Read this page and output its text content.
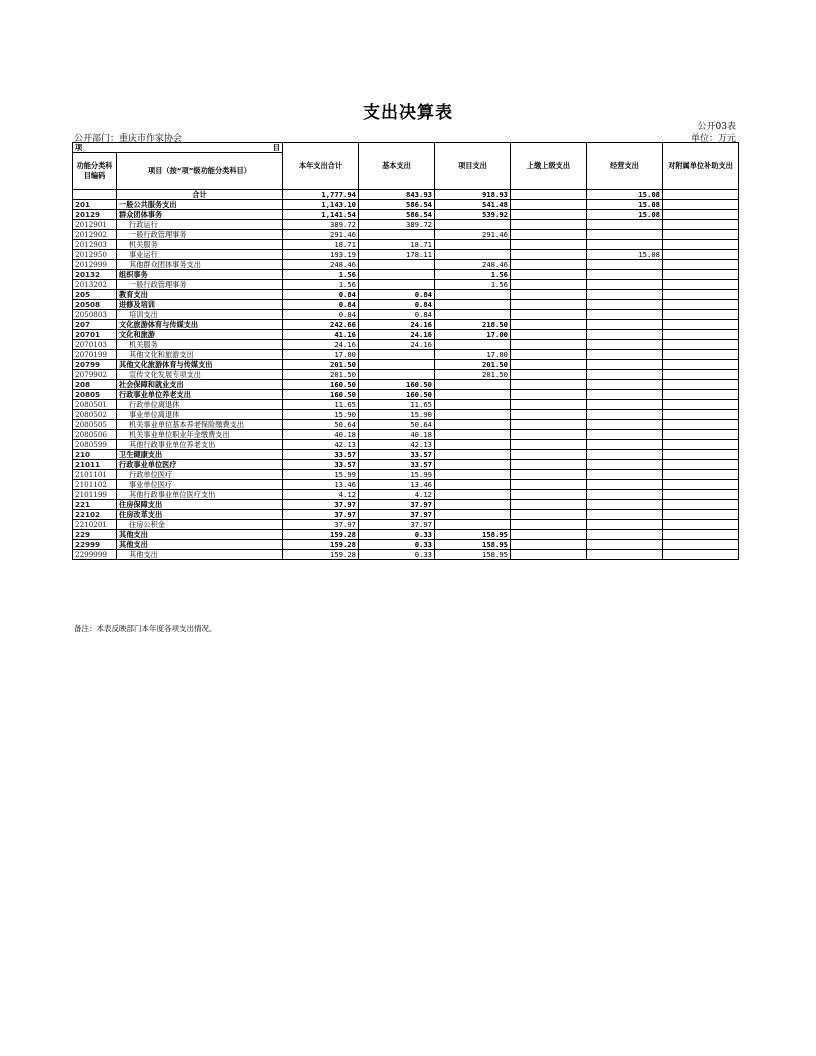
支出决算表
公开03表
公开部门：重庆市作家协会	单位：万元
项 目		本年支出合计	基本支出	项目支出	上缴上级支出	经营支出	对附属单位补助支出
功能分类科目编码	项目（按“项”级功能分类科目）						
	合计	1,777.94	843.93	918.93		15.08	
201	一般公共服务支出	1,143.10	586.54	541.48		15.08	
20129	群众团体事务	1,141.54	586.54	539.92		15.08	
2012901	行政运行	389.72	389.72				
2012902	一般行政管理事务	291.46		291.46			
2012903	机关服务	18.71	18.71				
2012950	事业运行	193.19	178.11			15.08	
2012999	其他群众团体事务支出	248.46		248.46			
20132	组织事务	1.56		1.56			
2013202	一般行政管理事务	1.56		1.56			
205	教育支出	0.84	0.84				
20508	进修及培训	0.84	0.84				
2050803	培训支出	0.84	0.84				
207	文化旅游体育与传媒支出	242.66	24.16	218.50			
20701	文化和旅游	41.16	24.16	17.00			
2070103	机关服务	24.16	24.16				
2070199	其他文化和旅游支出	17.00		17.00			
20799	其他文化旅游体育与传媒支出	201.50		201.50			
2079902	宣传文化发展专项支出	201.50		201.50			
208	社会保障和就业支出	160.50	160.50				
20805	行政事业单位养老支出	160.50	160.50				
2080501	行政单位离退休	11.65	11.65				
2080502	事业单位离退休	15.90	15.90				
2080505	机关事业单位基本养老保险缴费支出	50.64	50.64				
2080506	机关事业单位职业年金缴费支出	40.18	40.18				
2080599	其他行政事业单位养老支出	42.13	42.13				
210	卫生健康支出	33.57	33.57				
21011	行政事业单位医疗	33.57	33.57				
2101101	行政单位医疗	15.99	15.99				
2101102	事业单位医疗	13.46	13.46				
2101199	其他行政事业单位医疗支出	4.12	4.12				
221	住房保障支出	37.97	37.97				
22102	住房改革支出	37.97	37.97				
2210201	住房公积金	37.97	37.97				
229	其他支出	159.28	0.33	158.95			
22999	其他支出	159.28	0.33	158.95			
2299999	其他支出	159.28	0.33	158.95			
备注：本表反映部门本年度各项支出情况。
